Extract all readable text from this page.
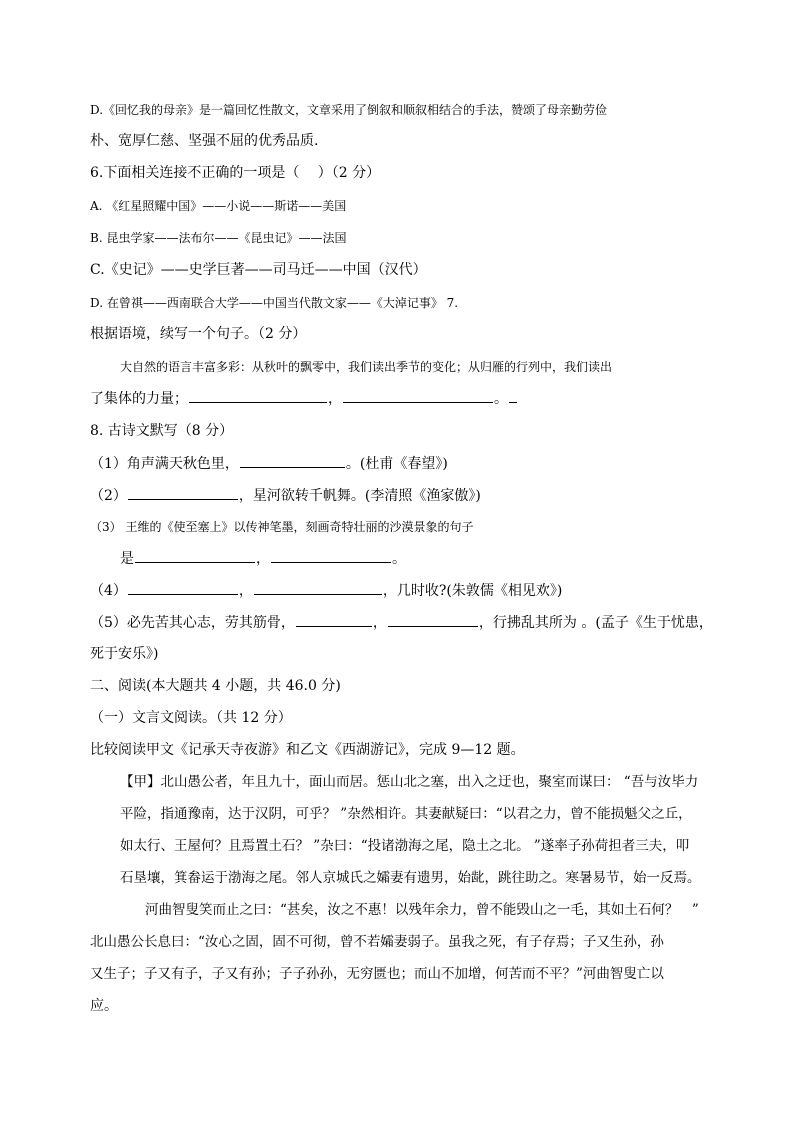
D.《回忆我的母亲》是一篇回忆性散文，文章采用了倒叙和顺叙相结合的手法，赞颂了母亲勤劳俭
朴、宽厚仁慈、坚强不屈的优秀品质.
6.下面相关连接不正确的一项是（　 ）（2 分）
A. 《红星照耀中国》——小说——斯诺——美国
B. 昆虫学家——法布尔——《昆虫记》——法国
C.《史记》——史学巨著——司马迁——中国（汉代）
D. 在曾祺——西南联合大学——中国当代散文家——《大淖记事》 7.
根据语境，续写一个句子。（2 分）
大自然的语言丰富多彩：从秋叶的飘零中，我们读出季节的变化；从归雁的行列中，我们读出
了集体的力量；	，	。
8. 古诗文默写（8 分）
（1）角声满天秋色里，	。(杜甫《春望》)
（2）	，星河欲转千帆舞。(李清照《渔家傲》)
（3） 王维的《使至塞上》以传神笔墨，刻画奇特壮丽的沙漠景象的句子
是	，	。
（4）	，	，几时收?(朱敦儒《相见欢》)
（5）必先苦其心志，劳其筋骨，	，	，行拂乱其所为 。(孟子《生于忧患，
死于安乐》)
二、阅读(本大题共 4 小题，共 46.0 分)
（一）文言文阅读。（共 12 分）
比较阅读甲文《记承天寺夜游》和乙文《西湖游记》，完成 9—12 题。
【甲】北山愚公者，年且九十，面山而居。惩山北之塞，出入之迂也，聚室而谋曰： “吾与汝毕力
平险，指通豫南，达于汉阴，可乎？ ”杂然相许。其妻献疑曰：“以君之力，曾不能损魁父之丘，
如太行、王屋何？且焉置土石？ ”杂曰：“投诸渤海之尾，隐土之北。 ”遂率子孙荷担者三夫，叩
石垦壤，箕畚运于渤海之尾。邻人京城氏之孀妻有遗男，始龀，跳往助之。寒暑易节，始一反焉。
河曲智叟笑而止之曰：“甚矣，汝之不惠！以残年余力，曾不能毁山之一毛，其如土石何？　”
北山愚公长息曰：“汝心之固，固不可彻，曾不若孀妻弱子。虽我之死，有子存焉；子又生孙，孙
又生子；子又有子，子又有孙；子子孙孙，无穷匮也；而山不加增，何苦而不平？”河曲智叟亡以
应。
